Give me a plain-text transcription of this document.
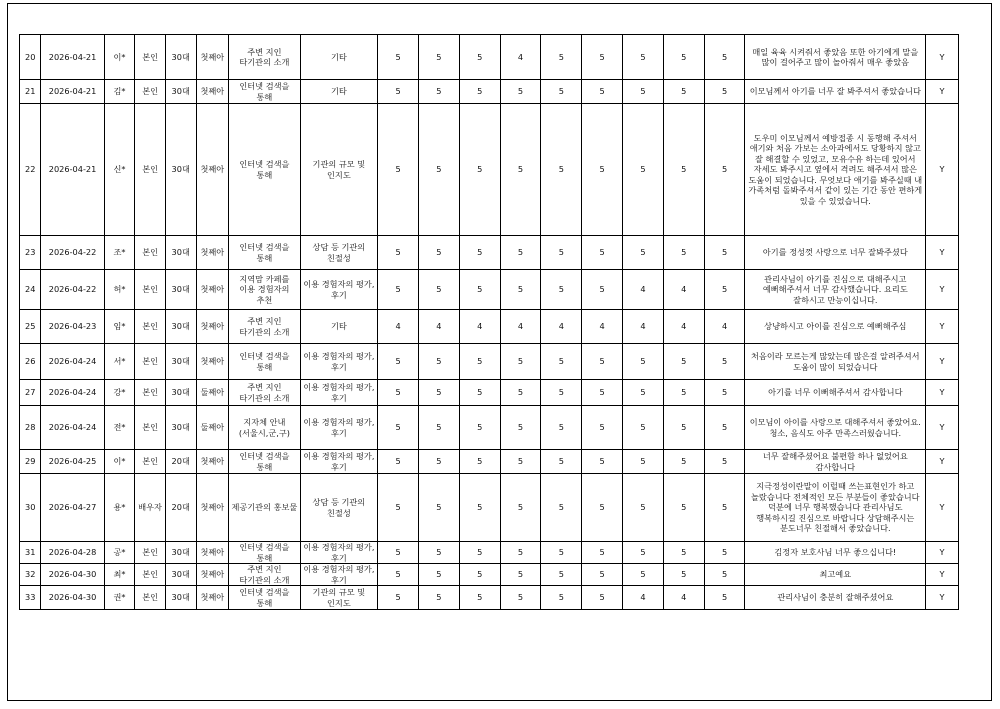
20	2026-04-21	이*	본인	30대	첫째아	주변 지인 타기관의 소개	기타	5	5	5	4	5	5	5	5	5	매일 육육 시켜줘서 좋았음 또한 아기에게 말을 많이 걸어주고 많이 놀아줘서 매우 좋았음	Y
21	2026-04-21	김*	본인	30대	첫째아	인터넷 검색을 통해	기타	5	5	5	5	5	5	5	5	5	이모님께서 아기를 너무 잘 봐주셔서 좋았습니다	Y
22	2026-04-21	신*	본인	30대	첫째아	인터넷 검색을 통해	기관의 규모 및 인지도	5	5	5	5	5	5	5	5	5	도우미 이모님께서 예방접종 시 동행해 주셔서 애기와 처음 가보는 소아과에서도 당황하지 않고 잘 해결할 수 있었고, 모유수유 하는데 있어서 자세도 봐주시고 옆에서 격려도 해주셔서 많은 도움이 되었습니다. 무엇보다 애기를 봐주실때 내 가족처럼 돌봐주셔서 같이 있는 기간 동안 편하게 있을 수 있었습니다.	Y
23	2026-04-22	조*	본인	30대	첫째아	인터넷 검색을 통해	상담 등 기관의 친절성	5	5	5	5	5	5	5	5	5	아기를 정성껏 사랑으로 너무 잘봐주셨다	Y
24	2026-04-22	허*	본인	30대	첫째아	지역맘 카페를 이용 경험자의 추천	이용 경험자의 평가, 후기	5	5	5	5	5	5	4	4	5	관리사님이 아기를 진심으로 대해주시고 예뻐해주셔서 너무 감사했습니다. 요리도 잘하시고 만능이십니다.	Y
25	2026-04-23	임*	본인	30대	첫째아	주변 지인 타기관의 소개	기타	4	4	4	4	4	4	4	4	4	상냥하시고 아이를 진심으로 예뻐해주심	Y
26	2026-04-24	서*	본인	30대	첫째아	인터넷 검색을 통해	이용 경험자의 평가, 후기	5	5	5	5	5	5	5	5	5	처음이라 모르는게 많았는데 많은걸 알려주셔서 도움이 많이 되었습니다	Y
27	2026-04-24	강*	본인	30대	둘째아	주변 지인 타기관의 소개	이용 경험자의 평가, 후기	5	5	5	5	5	5	5	5	5	아기를 너무 이뻐해주셔서 감사합니다	Y
28	2026-04-24	전*	본인	30대	둘째아	지자체 안내(서울시,군,구)	이용 경험자의 평가, 후기	5	5	5	5	5	5	5	5	5	이모님이 아이를 사랑으로 대해주셔서 좋았어요. 청소, 음식도 아주 만족스러웠습니다.	Y
29	2026-04-25	이*	본인	20대	첫째아	인터넷 검색을 통해	이용 경험자의 평가, 후기	5	5	5	5	5	5	5	5	5	너무 잘해주셨어요 불편함 하나 없었어요 감사합니다	Y
30	2026-04-27	용*	배우자	20대	첫째아	제공기관의 홍보물	상담 등 기관의 친절성	5	5	5	5	5	5	5	5	5	지극정성이란말이 이럴때 쓰는표현인가 하고 놀랐습니다 전체적인 모든 부분들이 좋았습니다 덕분에 너무 행복했습니다 관리사님도 행복하시길 진심으로 바랍니다 상담해주시는 분도너무 친절해서 좋았습니다.	Y
31	2026-04-28	공*	본인	30대	첫째아	인터넷 검색을 통해	이용 경험자의 평가, 후기	5	5	5	5	5	5	5	5	5	김정자 보호사님 너무 좋으십니다!	Y
32	2026-04-30	최*	본인	30대	첫째아	주변 지인 타기관의 소개	이용 경험자의 평가, 후기	5	5	5	5	5	5	5	5	5	최고예요	Y
33	2026-04-30	권*	본인	30대	첫째아	인터넷 검색을 통해	기관의 규모 및 인지도	5	5	5	5	5	5	4	4	5	관리사님이 충분히 잘해주셨어요	Y
